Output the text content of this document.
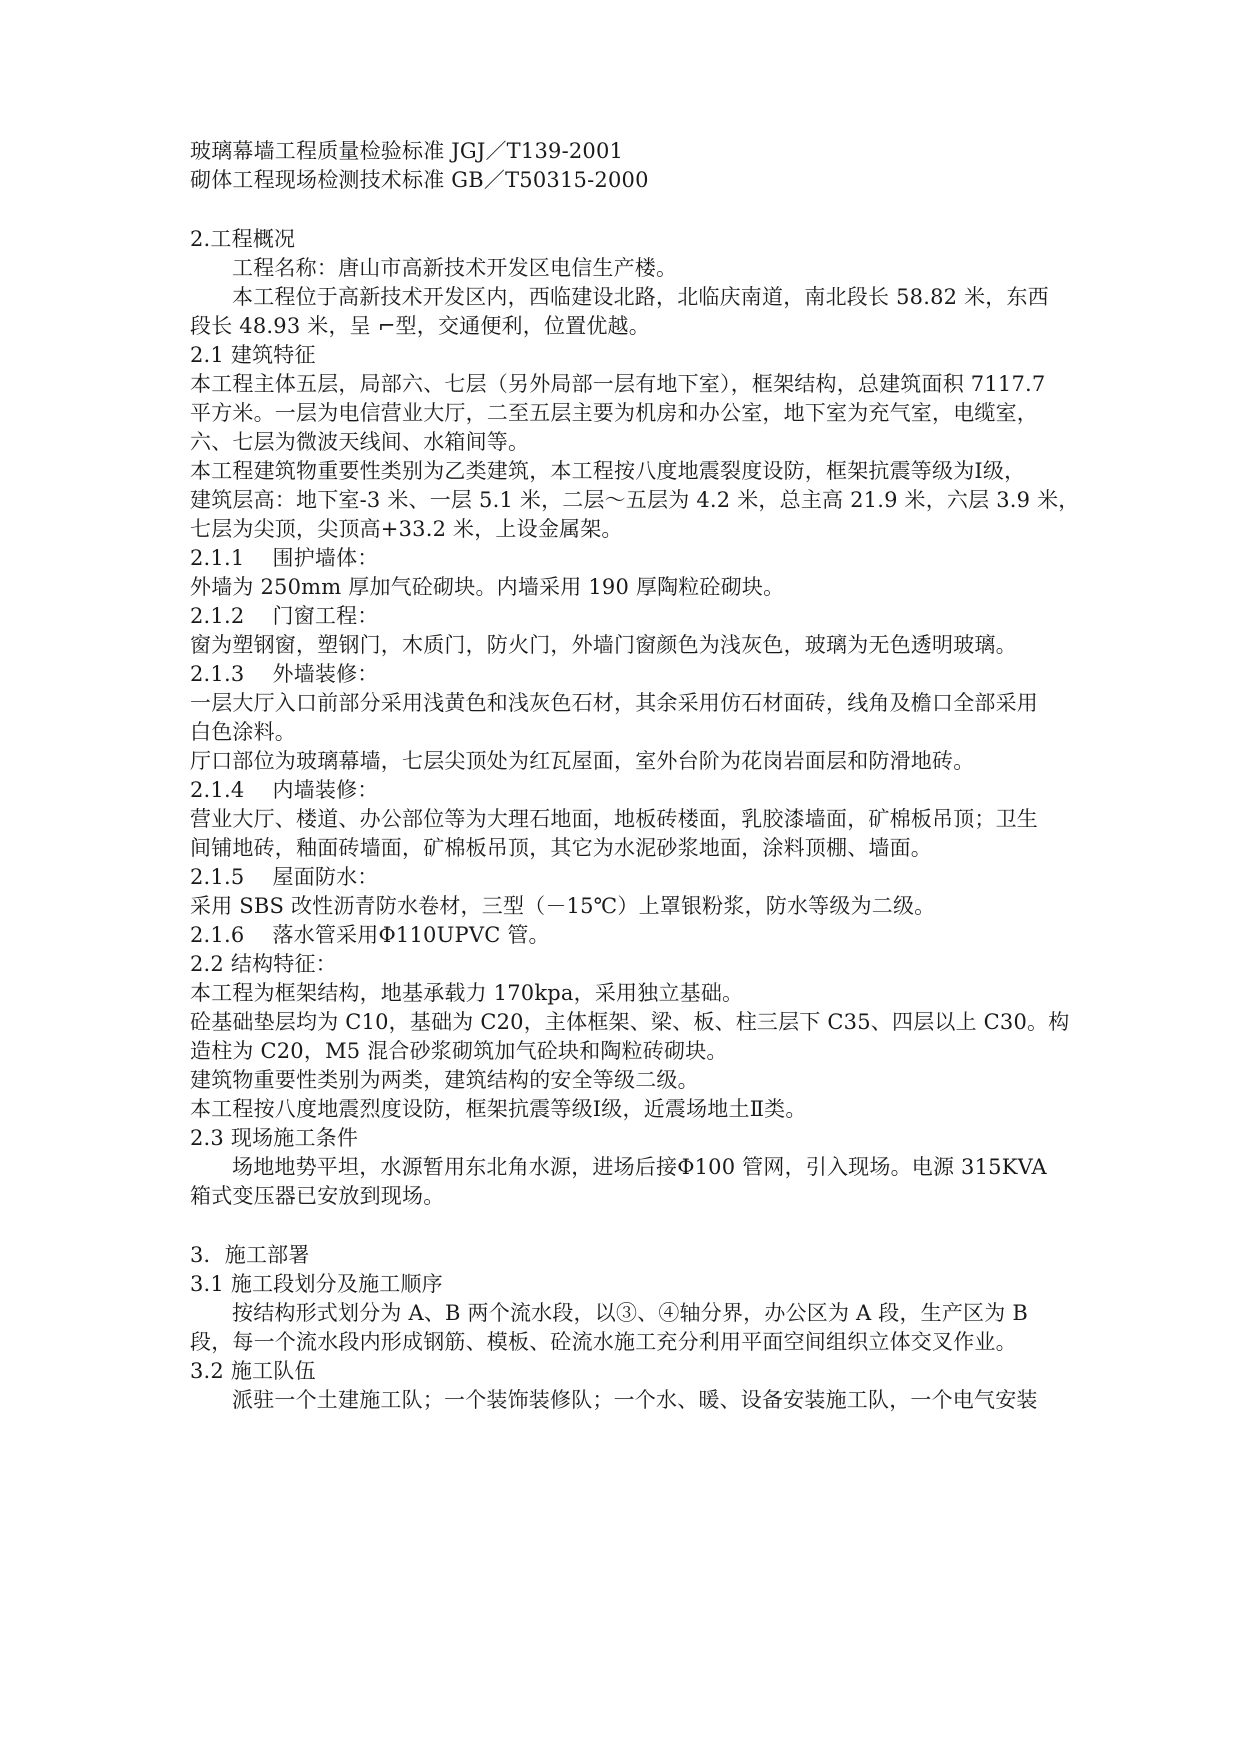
玻璃幕墙工程质量检验标准 JGJ／T139-2001
砌体工程现场检测技术标准 GB／T50315-2000
2.工程概况
工程名称：唐山市高新技术开发区电信生产楼。
本工程位于高新技术开发区内，西临建设北路，北临庆南道，南北段长 58.82 米，东西
段长 48.93 米，呈 ⌐型，交通便利，位置优越。
2.1 建筑特征
本工程主体五层，局部六、七层（另外局部一层有地下室），框架结构，总建筑面积 7117.7
平方米。一层为电信营业大厅，二至五层主要为机房和办公室，地下室为充气室，电缆室，
六、七层为微波天线间、水箱间等。
本工程建筑物重要性类别为乙类建筑，本工程按八度地震裂度设防，框架抗震等级为Ⅰ级，
建筑层高：地下室-3 米、一层 5.1 米，二层～五层为 4.2 米，总主高 21.9 米，六层 3.9 米，
七层为尖顶，尖顶高+33.2 米，上设金属架。
2.1.1　 围护墙体：
外墙为 250mm 厚加气砼砌块。内墙采用 190 厚陶粒砼砌块。
2.1.2　 门窗工程：
窗为塑钢窗，塑钢门，木质门，防火门，外墙门窗颜色为浅灰色，玻璃为无色透明玻璃。
2.1.3　 外墙装修：
一层大厅入口前部分采用浅黄色和浅灰色石材，其余采用仿石材面砖，线角及檐口全部采用
白色涂料。
厅口部位为玻璃幕墙，七层尖顶处为红瓦屋面，室外台阶为花岗岩面层和防滑地砖。
2.1.4　 内墙装修：
营业大厅、楼道、办公部位等为大理石地面，地板砖楼面，乳胶漆墙面，矿棉板吊顶；卫生
间铺地砖，釉面砖墙面，矿棉板吊顶，其它为水泥砂浆地面，涂料顶棚、墙面。
2.1.5　 屋面防水：
采用 SBS 改性沥青防水卷材，三型（－15℃）上罩银粉浆，防水等级为二级。
2.1.6　 落水管采用Φ110UPVC 管。
2.2 结构特征：
本工程为框架结构，地基承载力 170kpa，采用独立基础。
砼基础垫层均为 C10，基础为 C20，主体框架、梁、板、柱三层下 C35、四层以上 C30。构
造柱为 C20，M5 混合砂浆砌筑加气砼块和陶粒砖砌块。
建筑物重要性类别为两类，建筑结构的安全等级二级。
本工程按八度地震烈度设防，框架抗震等级Ⅰ级，近震场地土Ⅱ类。
2.3 现场施工条件
场地地势平坦，水源暂用东北角水源，进场后接Φ100 管网，引入现场。电源 315KVA
箱式变压器已安放到现场。
3．施工部署
3.1 施工段划分及施工顺序
按结构形式划分为 A、B 两个流水段，以③、④轴分界，办公区为 A 段，生产区为 B
段，每一个流水段内形成钢筋、模板、砼流水施工充分利用平面空间组织立体交叉作业。
3.2 施工队伍
派驻一个土建施工队；一个装饰装修队；一个水、暖、设备安装施工队，一个电气安装
